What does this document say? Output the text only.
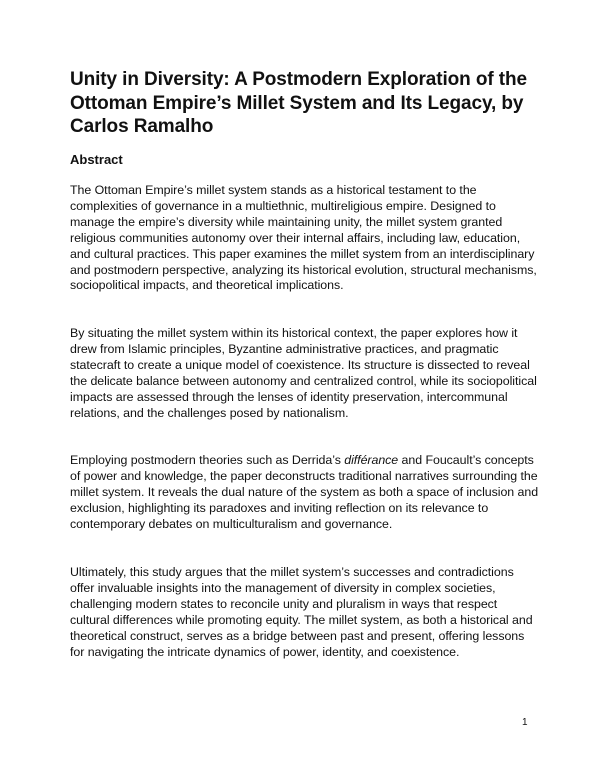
Unity in Diversity: A Postmodern Exploration of the Ottoman Empire’s Millet System and Its Legacy, by Carlos Ramalho
Abstract

The Ottoman Empire’s millet system stands as a historical testament to the complexities of governance in a multiethnic, multireligious empire. Designed to manage the empire’s diversity while maintaining unity, the millet system granted religious communities autonomy over their internal affairs, including law, education, and cultural practices. This paper examines the millet system from an interdisciplinary and postmodern perspective, analyzing its historical evolution, structural mechanisms, sociopolitical impacts, and theoretical implications.

By situating the millet system within its historical context, the paper explores how it drew from Islamic principles, Byzantine administrative practices, and pragmatic statecraft to create a unique model of coexistence. Its structure is dissected to reveal the delicate balance between autonomy and centralized control, while its sociopolitical impacts are assessed through the lenses of identity preservation, intercommunal relations, and the challenges posed by nationalism.

Employing postmodern theories such as Derrida’s différance and Foucault’s concepts of power and knowledge, the paper deconstructs traditional narratives surrounding the millet system. It reveals the dual nature of the system as both a space of inclusion and exclusion, highlighting its paradoxes and inviting reflection on its relevance to contemporary debates on multiculturalism and governance.

Ultimately, this study argues that the millet system’s successes and contradictions offer invaluable insights into the management of diversity in complex societies, challenging modern states to reconcile unity and pluralism in ways that respect cultural differences while promoting equity. The millet system, as both a historical and theoretical construct, serves as a bridge between past and present, offering lessons for navigating the intricate dynamics of power, identity, and coexistence.

1
